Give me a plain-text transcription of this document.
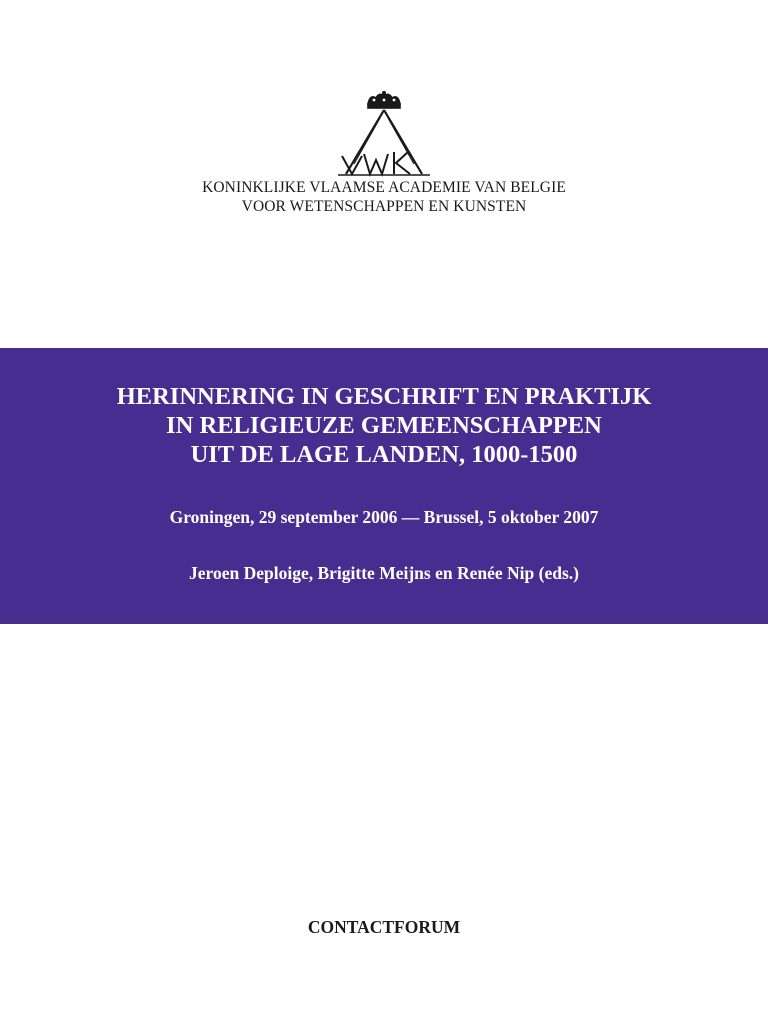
KONINKLIJKE VLAAMSE ACADEMIE VAN BELGIE
VOOR WETENSCHAPPEN EN KUNSTEN
HERINNERING IN GESCHRIFT EN PRAKTIJK
IN RELIGIEUZE GEMEENSCHAPPEN
UIT DE LAGE LANDEN, 1000-1500
Groningen, 29 september 2006 — Brussel, 5 oktober 2007
Jeroen Deploige, Brigitte Meijns en Renée Nip (eds.)
CONTACTFORUM
